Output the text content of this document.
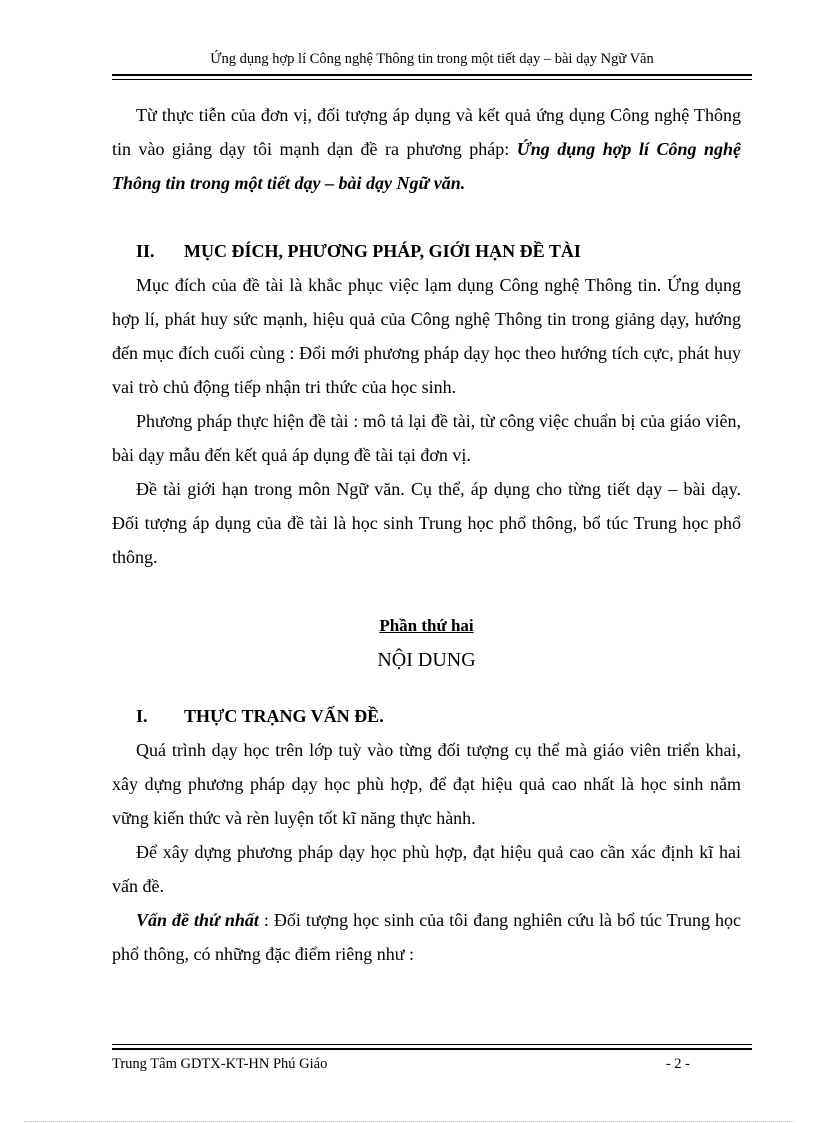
Ứng dụng hợp lí Công nghệ Thông tin trong một tiết dạy – bài dạy Ngữ Văn

Từ thực tiễn của đơn vị, đối tượng áp dụng và kết quả ứng dụng Công nghệ Thông tin vào giảng dạy tôi mạnh dạn đề ra phương pháp: Ứng dụng hợp lí Công nghệ Thông tin trong một tiết dạy – bài dạy Ngữ văn.

II.	MỤC ĐÍCH, PHƯƠNG PHÁP, GIỚI HẠN ĐỀ TÀI

Mục đích của đề tài là khắc phục việc lạm dụng Công nghệ Thông tin. Ứng dụng hợp lí, phát huy sức mạnh, hiệu quả của Công nghệ Thông tin trong giảng dạy, hướng đến mục đích cuối cùng : Đổi mới phương pháp dạy học theo hướng tích cực, phát huy vai trò chủ động tiếp nhận tri thức của học sinh.

Phương pháp thực hiện đề tài : mô tả lại đề tài, từ công việc chuẩn bị của giáo viên, bài dạy mẫu đến kết quả áp dụng đề tài tại đơn vị.

Đề tài giới hạn trong môn Ngữ văn. Cụ thể, áp dụng cho từng tiết dạy – bài dạy. Đối tượng áp dụng của đề tài là học sinh Trung học phổ thông, bổ túc Trung học phổ thông.

Phần thứ hai

NỘI DUNG

I.	THỰC TRẠNG VẤN ĐỀ.

Quá trình dạy học trên lớp tuỳ vào từng đối tượng cụ thể mà giáo viên triển khai, xây dựng phương pháp dạy học phù hợp, để đạt hiệu quả cao nhất là học sinh nắm vững kiến thức và rèn luyện tốt kĩ năng thực hành.

Để xây dựng phương pháp dạy học phù hợp, đạt hiệu quả cao cần xác định kĩ hai vấn đề.

Vấn đề thứ nhất : Đối tượng học sinh của tôi đang nghiên cứu là bổ túc Trung học phổ thông, có những đặc điểm riêng như :

Trung Tâm GDTX-KT-HN Phú Giáo	- 2 -
